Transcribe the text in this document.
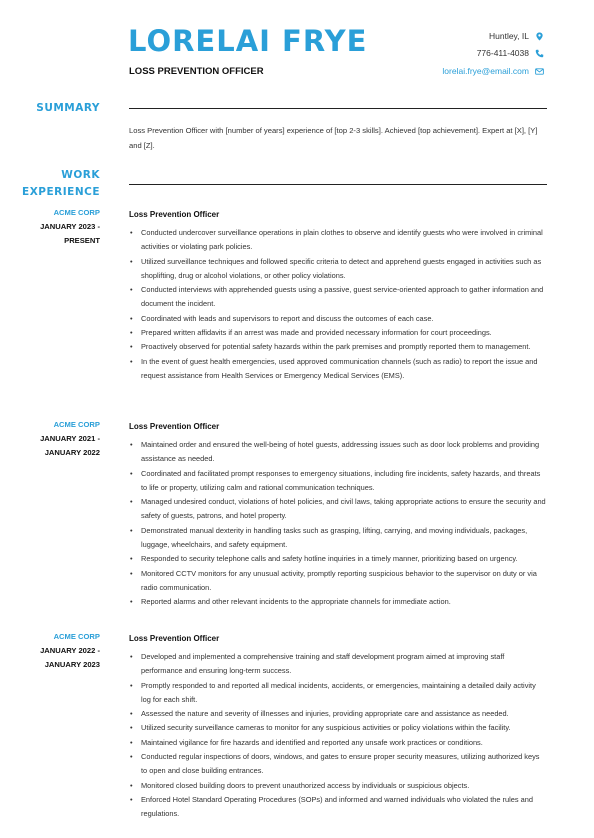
LORELAI FRYE
LOSS PREVENTION OFFICER
Huntley, IL
776-411-4038
lorelai.frye@email.com
SUMMARY
Loss Prevention Officer with [number of years] experience of [top 2-3 skills]. Achieved [top achievement]. Expert at [X], [Y] and [Z].
WORK
EXPERIENCE
ACME CORP
JANUARY 2023 -
PRESENT
Loss Prevention Officer
• Conducted undercover surveillance operations in plain clothes to observe and identify guests who were involved in criminal activities or violating park policies.
• Utilized surveillance techniques and followed specific criteria to detect and apprehend guests engaged in activities such as shoplifting, drug or alcohol violations, or other policy violations.
• Conducted interviews with apprehended guests using a passive, guest service-oriented approach to gather information and document the incident.
• Coordinated with leads and supervisors to report and discuss the outcomes of each case.
• Prepared written affidavits if an arrest was made and provided necessary information for court proceedings.
• Proactively observed for potential safety hazards within the park premises and promptly reported them to management.
• In the event of guest health emergencies, used approved communication channels (such as radio) to report the issue and request assistance from Health Services or Emergency Medical Services (EMS).
ACME CORP
JANUARY 2021 -
JANUARY 2022
Loss Prevention Officer
• Maintained order and ensured the well-being of hotel guests, addressing issues such as door lock problems and providing assistance as needed.
• Coordinated and facilitated prompt responses to emergency situations, including fire incidents, safety hazards, and threats to life or property, utilizing calm and rational communication techniques.
• Managed undesired conduct, violations of hotel policies, and civil laws, taking appropriate actions to ensure the security and safety of guests, patrons, and hotel property.
• Demonstrated manual dexterity in handling tasks such as grasping, lifting, carrying, and moving individuals, packages, luggage, wheelchairs, and safety equipment.
• Responded to security telephone calls and safety hotline inquiries in a timely manner, prioritizing based on urgency.
• Monitored CCTV monitors for any unusual activity, promptly reporting suspicious behavior to the supervisor on duty or via radio communication.
• Reported alarms and other relevant incidents to the appropriate channels for immediate action.
ACME CORP
JANUARY 2022 -
JANUARY 2023
Loss Prevention Officer
• Developed and implemented a comprehensive training and staff development program aimed at improving staff performance and ensuring long-term success.
• Promptly responded to and reported all medical incidents, accidents, or emergencies, maintaining a detailed daily activity log for each shift.
• Assessed the nature and severity of illnesses and injuries, providing appropriate care and assistance as needed.
• Utilized security surveillance cameras to monitor for any suspicious activities or policy violations within the facility.
• Maintained vigilance for fire hazards and identified and reported any unsafe work practices or conditions.
• Conducted regular inspections of doors, windows, and gates to ensure proper security measures, utilizing authorized keys to open and close building entrances.
• Monitored closed building doors to prevent unauthorized access by individuals or suspicious objects.
• Enforced Hotel Standard Operating Procedures (SOPs) and informed and warned individuals who violated the rules and regulations.
